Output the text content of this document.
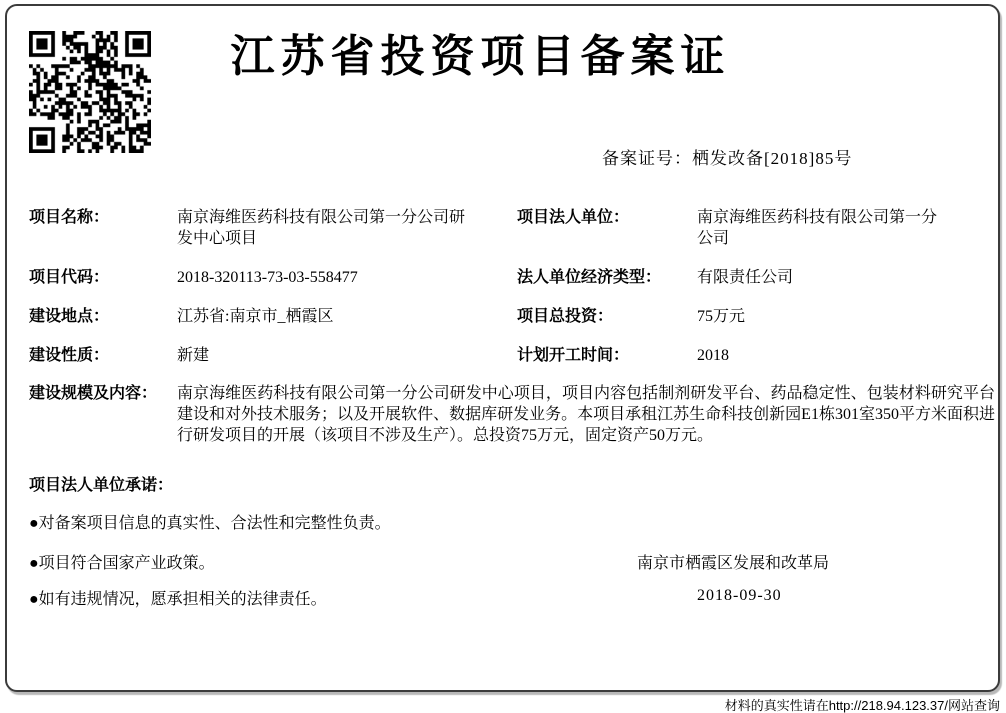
江苏省投资项目备案证
备案证号：栖发改备[2018]85号
项目名称：	南京海维医药科技有限公司第一分公司研发中心项目
项目法人单位：	南京海维医药科技有限公司第一分公司
项目代码：	2018-320113-73-03-558477	法人单位经济类型：	有限责任公司
建设地点：	江苏省:南京市_栖霞区	项目总投资：	75万元
建设性质：	新建	计划开工时间：	2018
建设规模及内容： 南京海维医药科技有限公司第一分公司研发中心项目，项目内容包括制剂研发平台、药品稳定性、包装材料研究平台建设和对外技术服务；以及开展软件、数据库研发业务。本项目承租江苏生命科技创新园E1栋301室350平方米面积进行研发项目的开展（该项目不涉及生产）。总投资75万元，固定资产50万元。
项目法人单位承诺：
●对备案项目信息的真实性、合法性和完整性负责。
●项目符合国家产业政策。
●如有违规情况，愿承担相关的法律责任。
南京市栖霞区发展和改革局
2018-09-30
材料的真实性请在http://218.94.123.37/网站查询
